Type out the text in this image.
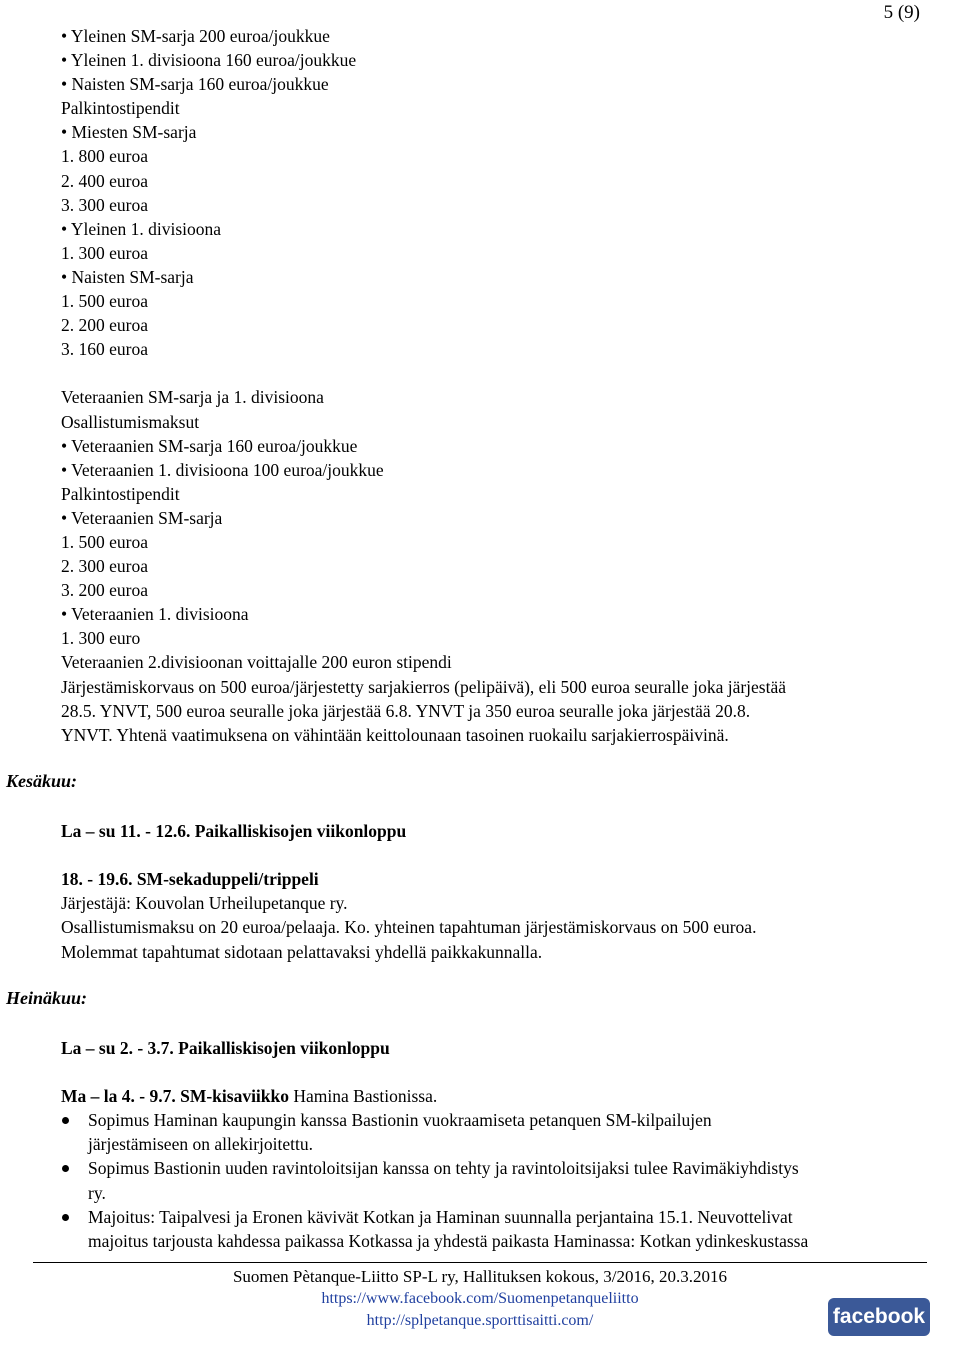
5 (9)
• Yleinen SM-sarja 200 euroa/joukkue
• Yleinen 1. divisioona 160 euroa/joukkue
• Naisten SM-sarja 160 euroa/joukkue
Palkintostipendit
• Miesten SM-sarja
1. 800 euroa
2. 400 euroa
3. 300 euroa
• Yleinen 1. divisioona
1. 300 euroa
• Naisten SM-sarja
1. 500 euroa
2. 200 euroa
3. 160 euroa
Veteraanien SM-sarja ja 1. divisioona
Osallistumismaksut
• Veteraanien SM-sarja 160 euroa/joukkue
• Veteraanien 1. divisioona 100 euroa/joukkue
Palkintostipendit
• Veteraanien SM-sarja
1. 500 euroa
2. 300 euroa
3. 200 euroa
• Veteraanien 1. divisioona
1. 300 euro
Veteraanien 2.divisioonan voittajalle 200 euron stipendi
Järjestämiskorvaus on 500 euroa/järjestetty sarjakierros (pelipäivä), eli 500 euroa seuralle joka järjestää
28.5. YNVT, 500 euroa seuralle joka järjestää 6.8. YNVT ja 350 euroa seuralle joka järjestää 20.8.
YNVT. Yhtenä vaatimuksena on vähintään keittolounaan tasoinen ruokailu sarjakierrospäivinä.
La – su 11. - 12.6. Paikalliskisojen viikonloppu
18. - 19.6. SM-sekaduppeli/trippeli
Järjestäjä: Kouvolan Urheilupetanque ry.
Osallistumismaksu on 20 euroa/pelaaja. Ko. yhteinen tapahtuman järjestämiskorvaus on 500 euroa.
Molemmat tapahtumat sidotaan pelattavaksi yhdellä paikkakunnalla.
La – su 2. - 3.7. Paikalliskisojen viikonloppu
Ma – la 4. - 9.7. SM-kisaviikko Hamina Bastionissa.
Sopimus Haminan kaupungin kanssa Bastionin vuokraamiseta petanquen SM-kilpailujen
järjestämiseen on allekirjoitettu.
Sopimus Bastionin uuden ravintoloitsijan kanssa on tehty ja ravintoloitsijaksi tulee Ravimäkiyhdistys
ry.
Majoitus: Taipalvesi ja Eronen kävivät Kotkan ja Haminan suunnalla perjantaina 15.1. Neuvottelivat
majoitus tarjousta kahdessa paikassa Kotkassa ja yhdestä paikasta Haminassa: Kotkan ydinkeskustassa
Kesäkuu:
Heinäkuu:
Suomen Pètanque-Liitto SP-L ry, Hallituksen kokous, 3/2016, 20.3.2016
https://www.facebook.com/Suomenpetanqueliitto
http://splpetanque.sporttisaitti.com/	facebook
